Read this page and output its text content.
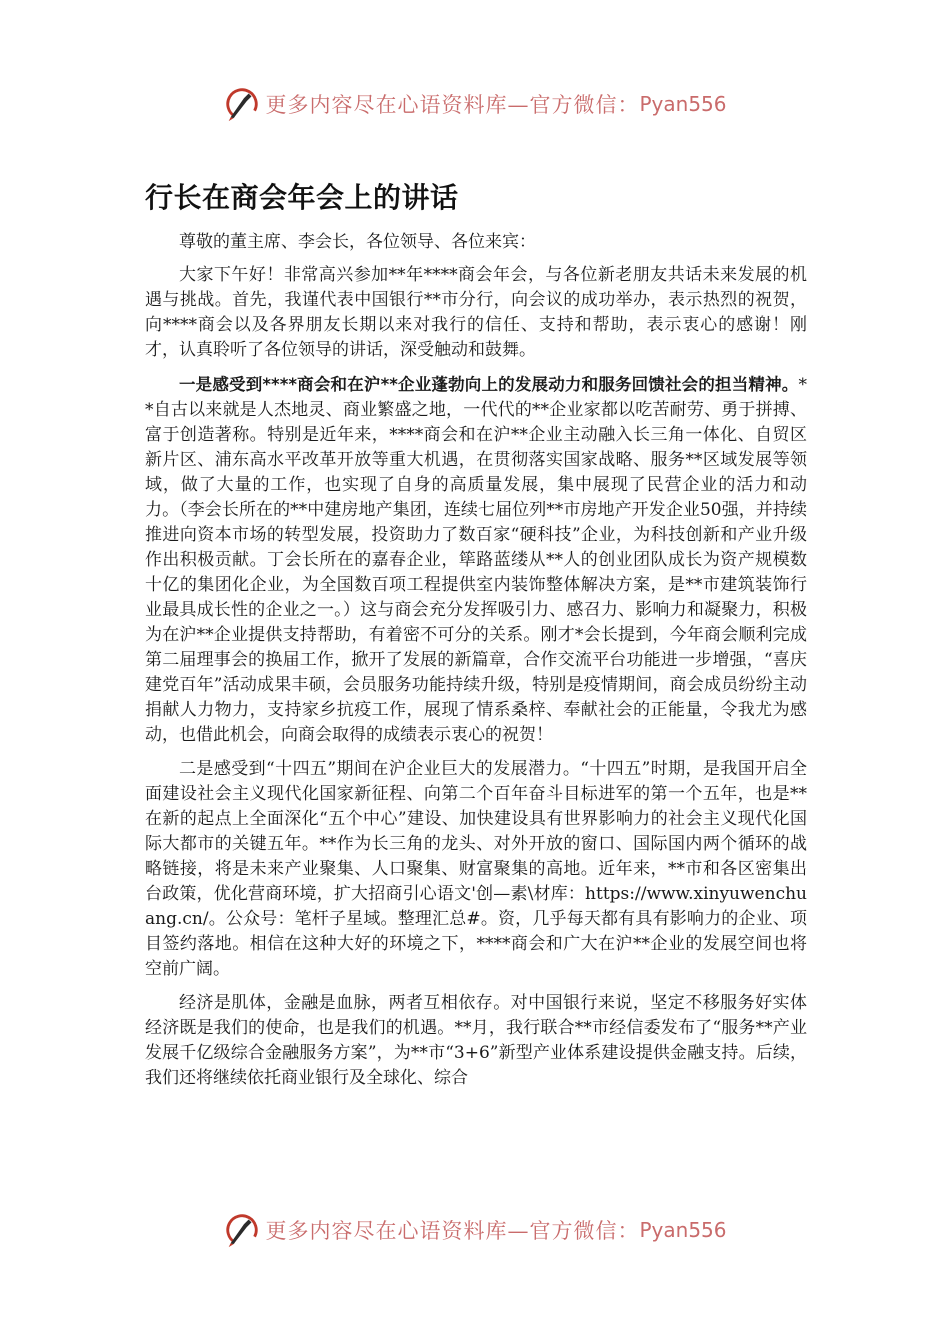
更多内容尽在心语资料库—官方微信： Pyan556
行长在商会年会上的讲话

尊敬的董主席、李会长，各位领导、各位来宾：

大家下午好！非常高兴参加**年****商会年会，与各位新老朋友共话未来发展的机遇与挑战。首先，我谨代表中国银行**市分行，向会议的成功举办，表示热烈的祝贺，向****商会以及各界朋友长期以来对我行的信任、支持和帮助，表示衷心的感谢！刚才，认真聆听了各位领导的讲话，深受触动和鼓舞。

一是感受到****商会和在沪**企业蓬勃向上的发展动力和服务回馈社会的担当精神。**自古以来就是人杰地灵、商业繁盛之地，一代代的**企业家都以吃苦耐劳、勇于拼搏、富于创造著称。特别是近年来，****商会和在沪**企业主动融入长三角一体化、自贸区新片区、浦东高水平改革开放等重大机遇，在贯彻落实国家战略、服务**区域发展等领域，做了大量的工作，也实现了自身的高质量发展，集中展现了民营企业的活力和动力。（李会长所在的**中建房地产集团，连续七届位列**市房地产开发企业50强，并持续推进向资本市场的转型发展，投资助力了数百家“硬科技”企业，为科技创新和产业升级作出积极贡献。丁会长所在的嘉春企业，筚路蓝缕从**人的创业团队成长为资产规模数十亿的集团化企业，为全国数百项工程提供室内装饰整体解决方案，是**市建筑装饰行业最具成长性的企业之一。）这与商会充分发挥吸引力、感召力、影响力和凝聚力，积极为在沪**企业提供支持帮助，有着密不可分的关系。刚才*会长提到，今年商会顺利完成第二届理事会的换届工作，掀开了发展的新篇章，合作交流平台功能进一步增强，“喜庆建党百年”活动成果丰硕，会员服务功能持续升级，特别是疫情期间，商会成员纷纷主动捐献人力物力，支持家乡抗疫工作，展现了情系桑梓、奉献社会的正能量，令我尤为感动，也借此机会，向商会取得的成绩表示衷心的祝贺！

二是感受到“十四五”期间在沪企业巨大的发展潜力。“十四五”时期，是我国开启全面建设社会主义现代化国家新征程、向第二个百年奋斗目标进军的第一个五年，也是**在新的起点上全面深化“五个中心”建设、加快建设具有世界影响力的社会主义现代化国际大都市的关键五年。**作为长三角的龙头、对外开放的窗口、国际国内两个循环的战略链接，将是未来产业聚集、人口聚集、财富聚集的高地。近年来，**市和各区密集出台政策，优化营商环境，扩大招商引心语文'创—素\材库：https://www.xinyuwenchuang.cn/。公众号：笔杆子星域。整理汇总#。资，几乎每天都有具有影响力的企业、项目签约落地。相信在这种大好的环境之下，****商会和广大在沪**企业的发展空间也将空前广阔。

经济是肌体，金融是血脉，两者互相依存。对中国银行来说，坚定不移服务好实体经济既是我们的使命，也是我们的机遇。**月，我行联合**市经信委发布了“服务**产业发展千亿级综合金融服务方案”，为**市“3+6”新型产业体系建设提供金融支持。后续，我们还将继续依托商业银行及全球化、综合

更多内容尽在心语资料库—官方微信： Pyan556
